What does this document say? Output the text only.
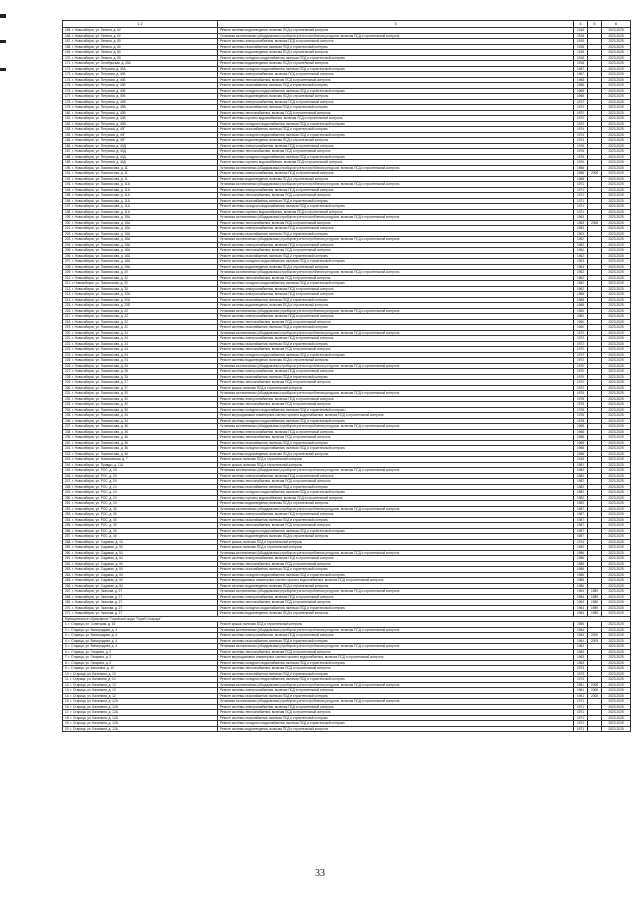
1 2	3	4	5	6
165. г. Новосибирск, ул. Ленина, д. 62	Ремонт системы водоотведения, включая ПСД и строительный контроль	1918		2023-2025
166. г. Новосибирск, ул. Ленина, д. 62	Установка коллективных (общедомовых) приборов учета потребления ресурсов, включая ПСД и строительный контроль	1918		2023-2025
167. г. Новосибирск, ул. Ленина, д. 80	Ремонт системы электроснабжения, включая ПСД и строительный контроль	1918		2023-2025
168. г. Новосибирск, ул. Ленина, д. 80	Ремонт системы газоснабжения, включая ПСД и строительный контроль	1918		2023-2025
169. г. Новосибирск, ул. Ленина, д. 80	Ремонт системы водоотведения, включая ПСД и строительный контроль	1918		2023-2025
170. г. Новосибирск, ул. Ленина, д. 80	Ремонт системы холодного водоснабжения, включая ПСД и строительный контроль	1918		2023-2025
171. г. Новосибирск, ул. Октябрьская, д. 40А	Ремонт системы водоотведения, включая ПСД и строительный контроль	1918		2023-2025
172. г. Новосибирск, ул. Петухова, д. 40А	Ремонт системы холодного водоснабжения, включая ПСД и строительный контроль	1967		2023-2025
173. г. Новосибирск, ул. Петухова, д. 40Б	Ремонт системы электроснабжения, включая ПСД и строительный контроль	1967		2023-2025
174. г. Новосибирск, ул. Петухова, д. 40Б	Ремонт системы теплоснабжения, включая ПСД и строительный контроль	1968		2023-2025
175. г. Новосибирск, ул. Петухова, д. 40Б	Ремонт системы газоснабжения, включая ПСД и строительный контроль	1968		2023-2025
176. г. Новосибирск, ул. Петухова, д. 40Б	Ремонт системы холодного водоснабжения, включая ПСД и строительный контроль	1968		2023-2025
177. г. Новосибирск, ул. Петухова, д. 40Б	Ремонт системы водоотведения, включая ПСД и строительный контроль	1968		2023-2025
178. г. Новосибирск, ул. Петухова, д. 40В	Ремонт системы электроснабжения, включая ПСД и строительный контроль	1972		2023-2025
179. г. Новосибирск, ул. Петухова, д. 40В	Ремонт системы газоснабжения, включая ПСД и строительный контроль	1972		2023-2025
180. г. Новосибирск, ул. Петухова, д. 40В	Ремонт системы теплоснабжения, включая ПСД и строительный контроль	1972		2023-2025
181. г. Новосибирск, ул. Петухова, д. 40В	Ремонт системы горячего водоснабжения, включая ПСД и строительный контроль	1972		2023-2025
182. г. Новосибирск, ул. Петухова, д. 40В	Ремонт системы холодного водоснабжения, включая ПСД и строительный контроль	1972		2023-2025
183. г. Новосибирск, ул. Петухова, д. 40Г	Ремонт системы газоснабжения, включая ПСД и строительный контроль	1974		2023-2025
184. г. Новосибирск, ул. Петухова, д. 40Г	Ремонт системы холодного водоснабжения, включая ПСД и строительный контроль	1974		2023-2025
185. г. Новосибирск, ул. Петухова, д. 40Г	Ремонт системы водоотведения, включая ПСД и строительный контроль	1974		2023-2025
186. г. Новосибирск, ул. Петухова, д. 40Д	Ремонт системы электроснабжения, включая ПСД и строительный контроль	1976		2023-2025
187. г. Новосибирск, ул. Петухова, д. 40Д	Ремонт системы теплоснабжения, включая ПСД и строительный контроль	1976		2023-2025
188. г. Новосибирск, ул. Петухова, д. 40Д	Ремонт системы холодного водоснабжения, включая ПСД и строительный контроль	1976		2023-2025
189. г. Новосибирск, ул. Петухова, д. 40Д	Ремонт системы горячего водоснабжения, включая ПСД и строительный контроль	1976		2023-2025
190. г. Новосибирск, ул. Ломоносова, д. 11	Установка коллективных (общедомовых) приборов учета потребления ресурсов, включая ПСД и строительный контроль	1968		2023-2025
191. г. Новосибирск, ул. Ломоносова, д. 11	Ремонт системы электроснабжения, включая ПСД и строительный контроль	1968	2008	2023-2025
192. г. Новосибирск, ул. Ломоносова, д. 11	Ремонт системы водоотведения, включая ПСД и строительный контроль	1968		2023-2025
193. г. Новосибирск, ул. Ломоносова, д. 11А	Установка коллективных (общедомовых) приборов учета потребления ресурсов, включая ПСД и строительный контроль	1971		2023-2025
194. г. Новосибирск, ул. Ломоносова, д. 11А	Ремонт системы электроснабжения, включая ПСД и строительный контроль	1971		2023-2025
195. г. Новосибирск, ул. Ломоносова, д. 11А	Ремонт системы теплоснабжения, включая ПСД и строительный контроль	1971		2023-2025
196. г. Новосибирск, ул. Ломоносова, д. 11А	Ремонт системы газоснабжения, включая ПСД и строительный контроль	1971		2023-2025
197. г. Новосибирск, ул. Ломоносова, д. 11А	Ремонт системы холодного водоснабжения, включая ПСД и строительный контроль	1971		2023-2025
198. г. Новосибирск, ул. Ломоносова, д. 11А	Ремонт системы горячего водоснабжения, включая ПСД и строительный контроль	1971		2023-2025
199. г. Новосибирск, ул. Ломоносова, д. 15А	Установка коллективных (общедомовых) приборов учета потребления ресурсов, включая ПСД и строительный контроль	1963		2023-2025
200. г. Новосибирск, ул. Ломоносова, д. 15А	Ремонт системы теплоснабжения, включая ПСД и строительный контроль	1963	2008	2023-2025
201. г. Новосибирск, ул. Ломоносова, д. 15А	Ремонт системы электроснабжения, включая ПСД и строительный контроль	1963		2023-2025
202. г. Новосибирск, ул. Ломоносова, д. 15А	Ремонт системы газоснабжения, включая ПСД и строительный контроль	1963		2023-2025
203. г. Новосибирск, ул. Ломоносова, д. 18А	Установка коллективных (общедомовых) приборов учета потребления ресурсов, включая ПСД и строительный контроль	1962		2023-2025
204. г. Новосибирск, ул. Ломоносова, д. 18А	Ремонт системы электроснабжения, включая ПСД и строительный контроль	1962		2023-2025
205. г. Новосибирск, ул. Ломоносова, д. 18А	Ремонт системы теплоснабжения, включая ПСД и строительный контроль	1962		2023-2025
206. г. Новосибирск, ул. Ломоносова, д. 18А	Ремонт системы газоснабжения, включая ПСД и строительный контроль	1962		2023-2025
207. г. Новосибирск, ул. Ломоносова, д. 18А	Ремонт системы холодного водоснабжения, включая ПСД и строительный контроль	1963		2023-2025
208. г. Новосибирск, ул. Ломоносова, д. 18А	Ремонт системы водоотведения, включая ПСД и строительный контроль	1963		2023-2025
209. г. Новосибирск, ул. Ломоносова, д. 20	Установка коллективных (общедомовых) приборов учета потребления ресурсов, включая ПСД и строительный контроль	1962		2023-2025
210. г. Новосибирск, ул. Ломоносова, д. 20	Ремонт системы теплоснабжения, включая ПСД и строительный контроль	1962		2023-2025
211. г. Новосибирск, ул. Ломоносова, д. 20	Ремонт системы холодного водоснабжения, включая ПСД и строительный контроль	1962		2023-2025
212. г. Новосибирск, ул. Ломоносова, д. 20	Ремонт системы электроснабжения, включая ПСД и строительный контроль	1962		2023-2025
213. г. Новосибирск, ул. Ломоносова, д. 20А	Ремонт системы электроснабжения, включая ПСД и строительный контроль	1968		2023-2025
214. г. Новосибирск, ул. Ломоносова, д. 20А	Ремонт системы газоснабжения, включая ПСД и строительный контроль	1968		2023-2025
215. г. Новосибирск, ул. Ломоносова, д. 20Б	Ремонт системы водоотведения, включая ПСД и строительный контроль	1968		2023-2025
216. г. Новосибирск, ул. Ломоносова, д. 22	Установка коллективных (общедомовых) приборов учета потребления ресурсов, включая ПСД и строительный контроль	1960		2023-2025
217. г. Новосибирск, ул. Ломоносова, д. 22	Ремонт системы электроснабжения, включая ПСД и строительный контроль	1960		2023-2025
218. г. Новосибирск, ул. Ломоносова, д. 22	Ремонт системы теплоснабжения, включая ПСД и строительный контроль	1960		2023-2025
219. г. Новосибирск, ул. Ломоносова, д. 22	Ремонт системы газоснабжения, включая ПСД и строительный контроль	1960		2023-2025
220. г. Новосибирск, ул. Ломоносова, д. 24	Установка коллективных (общедомовых) приборов учета потребления ресурсов, включая ПСД и строительный контроль	1972		2023-2025
221. г. Новосибирск, ул. Ломоносова, д. 24	Ремонт системы электроснабжения, включая ПСД и строительный контроль	1972		2023-2025
222. г. Новосибирск, ул. Ломоносова, д. 24	Ремонт системы газоснабжения, включая ПСД и строительный контроль	1972		2023-2025
223. г. Новосибирск, ул. Ломоносова, д. 24	Ремонт системы теплоснабжения, включая ПСД и строительный контроль	1972		2023-2025
224. г. Новосибирск, ул. Ломоносова, д. 24	Ремонт системы холодного водоснабжения, включая ПСД и строительный контроль	1972		2023-2025
225. г. Новосибирск, ул. Ломоносова, д. 24	Ремонт системы водоотведения, включая ПСД и строительный контроль	1972		2023-2025
226. г. Новосибирск, ул. Ломоносова, д. 26	Установка коллективных (общедомовых) приборов учета потребления ресурсов, включая ПСД и строительный контроль	1970		2023-2025
227. г. Новосибирск, ул. Ломоносова, д. 26	Ремонт системы электроснабжения, включая ПСД и строительный контроль	1970		2023-2025
228. г. Новосибирск, ул. Ломоносова, д. 26	Ремонт системы газоснабжения, включая ПСД и строительный контроль	1970		2023-2025
229. г. Новосибирск, ул. Ломоносова, д. 27	Ремонт системы теплоснабжения, включая ПСД и строительный контроль	1972		2023-2025
230. г. Новосибирск, ул. Ломоносова, д. 27	Ремонт крыши, включая ПСД и строительный контроль	1972		2023-2025
231. г. Новосибирск, ул. Ломоносова, д. 30	Установка коллективных (общедомовых) приборов учета потребления ресурсов, включая ПСД и строительный контроль	1978		2023-2025
232. г. Новосибирск, ул. Ломоносова, д. 30	Ремонт системы электроснабжения, включая ПСД и строительный контроль	1978		2023-2025
233. г. Новосибирск, ул. Ломоносова, д. 30	Ремонт системы теплоснабжения, включая ПСД и строительный контроль	1978		2023-2025
234. г. Новосибирск, ул. Ломоносова, д. 30	Ремонт системы холодного водоснабжения, включая ПСД и строительный контроль	1978		2023-2025
235. г. Новосибирск, ул. Ломоносова, д. 34	Ремонт внутридомовых инженерных систем горячего водоснабжения, включая ПСД и строительный контроль	1978		2023-2025
236. г. Новосибирск, ул. Ломоносова, д. 34	Ремонт системы холодного водоснабжения, включая ПСД и строительный контроль	1978		2023-2025
237. г. Новосибирск, ул. Ломоносова, д. 36	Установка коллективных (общедомовых) приборов учета потребления ресурсов, включая ПСД и строительный контроль	1968		2023-2025
238. г. Новосибирск, ул. Ломоносова, д. 36	Ремонт системы электроснабжения, включая ПСД и строительный контроль	1968		2023-2025
239. г. Новосибирск, ул. Ломоносова, д. 36	Ремонт системы теплоснабжения, включая ПСД и строительный контроль	1968		2023-2025
240. г. Новосибирск, ул. Ломоносова, д. 36	Ремонт системы газоснабжения, включая ПСД и строительный контроль	1968		2023-2025
241. г. Новосибирск, ул. Ломоносова, д. 36	Ремонт системы холодного водоснабжения, включая ПСД и строительный контроль	1968		2023-2025
242. г. Новосибирск, ул. Ломоносова, д. 36	Ремонт системы водоотведения, включая ПСД и строительный контроль	1968		2023-2025
243. г. Новосибирск, ул. Нахимовская, д. 7	Ремонт крыши, включая ПСД и строительный контроль	1918		2023-2025
244. г. Новосибирск, ул. Правды, д. 11А	Ремонт крыши, включая ПСД и строительный контроль	1981		2023-2025
245. г. Новосибирск, ул. РОС, д. 24	Установка коллективных (общедомовых) приборов учета потребления ресурсов, включая ПСД и строительный контроль	1982		2023-2025
246. г. Новосибирск, ул. РОС, д. 24	Ремонт системы электроснабжения, включая ПСД и строительный контроль	1982		2023-2025
247. г. Новосибирск, ул. РОС, д. 24	Ремонт системы теплоснабжения, включая ПСД и строительный контроль	1982		2023-2025
248. г. Новосибирск, ул. РОС, д. 24	Ремонт системы газоснабжения, включая ПСД и строительный контроль	1982		2023-2025
249. г. Новосибирск, ул. РОС, д. 24	Ремонт системы холодного водоснабжения, включая ПСД и строительный контроль	1982		2023-2025
250. г. Новосибирск, ул. РОС, д. 24	Ремонт системы горячего водоснабжения, включая ПСД и строительный контроль	1982		2023-2025
251. г. Новосибирск, ул. РОС, д. 24	Ремонт системы водоотведения, включая ПСД и строительный контроль	1982		2023-2025
252. г. Новосибирск, ул. РОС, д. 30	Установка коллективных (общедомовых) приборов учета потребления ресурсов, включая ПСД и строительный контроль	1987		2023-2025
253. г. Новосибирск, ул. РОС, д. 30	Ремонт системы электроснабжения, включая ПСД и строительный контроль	1987		2023-2025
254. г. Новосибирск, ул. РОС, д. 30	Ремонт системы газоснабжения, включая ПСД и строительный контроль	1987		2023-2025
255. г. Новосибирск, ул. РОС, д. 30	Ремонт системы теплоснабжения, включая ПСД и строительный контроль	1987		2023-2025
256. г. Новосибирск, ул. РОС, д. 30	Ремонт системы холодного водоснабжения, включая ПСД и строительный контроль	1987		2023-2025
257. г. Новосибирск, ул. РОС, д. 30	Ремонт системы водоотведения, включая ПСД и строительный контроль	1987		2023-2025
258. г. Новосибирск, ул. Садовая, д. 10	Ремонт крыши, включая ПСД и строительный контроль	1974		2023-2025
259. г. Новосибирск, ул. Садовая, д. 52	Ремонт крыши, включая ПСД и строительный контроль	1960		2023-2025
260. г. Новосибирск, ул. Садовая, д. 54	Установка коллективных (общедомовых) приборов учета потребления ресурсов, включая ПСД и строительный контроль	1986		2023-2025
261. г. Новосибирск, ул. Садовая, д. 54	Ремонт системы электроснабжения, включая ПСД и строительный контроль	1986		2023-2025
262. г. Новосибирск, ул. Садовая, д. 54	Ремонт системы теплоснабжения, включая ПСД и строительный контроль	1986		2023-2025
263. г. Новосибирск, ул. Садовая, д. 54	Ремонт системы газоснабжения, включая ПСД и строительный контроль	1986		2023-2025
264. г. Новосибирск, ул. Садовая, д. 54	Ремонт системы холодного водоснабжения, включая ПСД и строительный контроль	1986		2023-2025
265. г. Новосибирск, ул. Садовая, д. 54	Ремонт внутридомовых инженерных систем горячего водоснабжения, включая ПСД и строительный контроль	1986		2023-2025
266. г. Новосибирск, ул. Садовая, д. 54	Ремонт системы водоотведения, включая ПСД и строительный контроль	1986		2023-2025
267. г. Новосибирск, ул. Чкалова, д. 27	Установка коллективных (общедомовых) приборов учета потребления ресурсов, включая ПСД и строительный контроль	1964	1989	2023-2025
268. г. Новосибирск, ул. Чкалова, д. 27	Ремонт системы электроснабжения, включая ПСД и строительный контроль	1964	1989	2023-2025
269. г. Новосибирск, ул. Чкалова, д. 27	Ремонт системы теплоснабжения, включая ПСД и строительный контроль	1964	1989	2023-2025
270. г. Новосибирск, ул. Чкалова, д. 27	Ремонт системы холодного водоснабжения, включая ПСД и строительный контроль	1964	1989	2023-2025
271. г. Новосибирск, ул. Чкалова, д. 27	Ремонт системы водоотведения, включая ПСД и строительный контроль	1964	1989	2023-2025
Муниципальное образование "Городской округ "Город Старица"				
1. г. Старица, пл. Советская, д. 15	Ремонт крыши, включая ПСД и строительный контроль	1955		2023-2025
2. г. Старица, ул. Виноградова, д. 4	Установка коллективных (общедомовых) приборов учета потребления ресурсов, включая ПСД и строительный контроль	1964		2023-2025
3. г. Старица, ул. Виноградова, д. 4	Ремонт системы электроснабжения, включая ПСД и строительный контроль	1964	2009	2023-2025
4. г. Старица, ул. Виноградова, д. 4	Ремонт системы газоснабжения, включая ПСД и строительный контроль	1964	2009	2023-2025
5. г. Старица, ул. Виноградова, д. 4	Установка коллективных (общедомовых) приборов учета потребления ресурсов, включая ПСД и строительный контроль	1963		2023-2025
6. г. Старица, ул. Гагарина, д. 2	Ремонт системы теплоснабжения, включая ПСД и строительный контроль	1963		2023-2025
7. г. Старица, ул. Гагарина, д. 2	Ремонт внутридомовых инженерных систем горячего водоснабжения, включая ПСД и строительный контроль	1963		2023-2025
8. г. Старица, ул. Гагарина, д. 2	Ремонт системы холодного водоснабжения, включая ПСД и строительный контроль	1963		2023-2025
9. г. Старица, ул. Калинина, д. 10	Ремонт системы теплоснабжения, включая ПСД и строительный контроль	1973		2023-2025
10. г. Старица, ул. Калинина, д. 10	Ремонт системы газоснабжения, включая ПСД и строительный контроль	1973		2023-2025
11. г. Старица, ул. Калинина, д. 10	Ремонт системы холодного водоснабжения, включая ПСД и строительный контроль	1973		2023-2025
12. г. Старица, ул. Калинина, д. 12	Установка коллективных (общедомовых) приборов учета потребления ресурсов, включая ПСД и строительный контроль	1961	2008	2023-2025
13. г. Старица, ул. Калинина, д. 12	Ремонт системы электроснабжения, включая ПСД и строительный контроль	1961	2008	2023-2025
14. г. Старица, ул. Калинина, д. 12	Ремонт системы газоснабжения, включая ПСД и строительный контроль	1961	2008	2023-2025
15. г. Старица, ул. Калинина, д. 12А	Установка коллективных (общедомовых) приборов учета потребления ресурсов, включая ПСД и строительный контроль	1971		2023-2025
16. г. Старица, ул. Калинина, д. 12А	Ремонт системы электроснабжения, включая ПСД и строительный контроль	1971		2023-2025
17. г. Старица, ул. Калинина, д. 12А	Ремонт системы теплоснабжения, включая ПСД и строительный контроль	1971		2023-2025
18. г. Старица, ул. Калинина, д. 12А	Ремонт системы газоснабжения, включая ПСД и строительный контроль	1971		2023-2025
19. г. Старица, ул. Калинина, д. 12А	Ремонт системы холодного водоснабжения, включая ПСД и строительный контроль	1971		2023-2025
20. г. Старица, ул. Калинина, д. 12А	Ремонт системы водоотведения, включая ПСД и строительный контроль	1971		2023-2025
33
